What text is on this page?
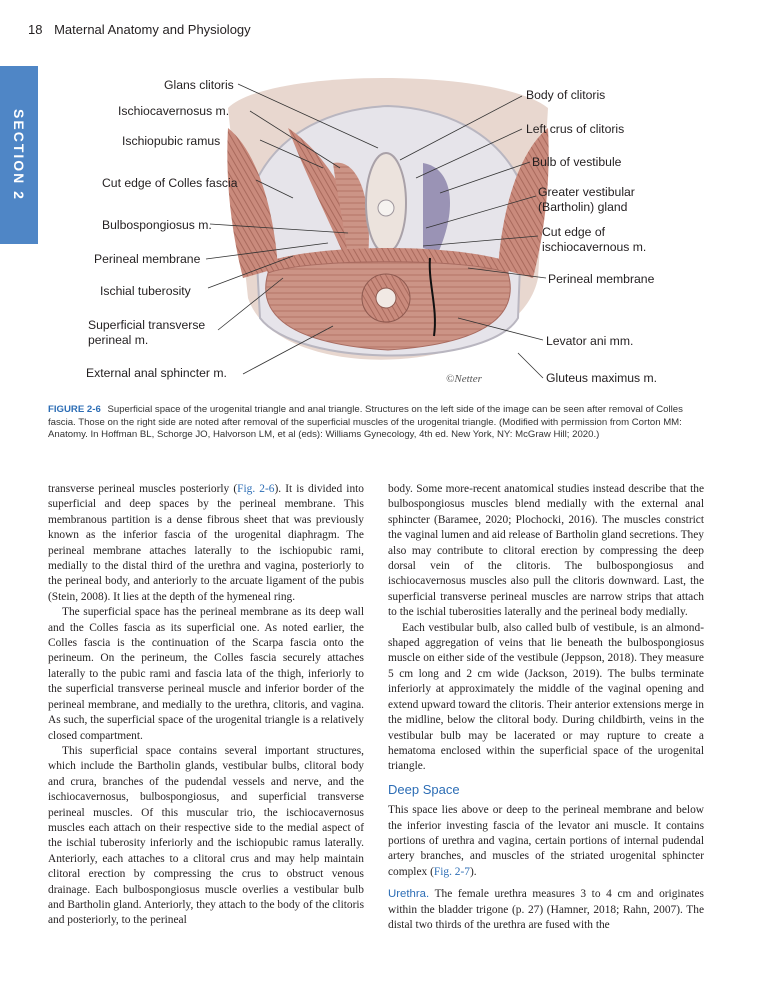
18 Maternal Anatomy and Physiology
SECTION 2
©Netter
Glans clitoris
Ischiocavernosus m.
Ischiopubic ramus
Cut edge of Colles fascia
Bulbospongiosus m.
Perineal membrane
Ischial tuberosity
Superficial transverse
perineal m.
External anal sphincter m.
Body of clitoris
Left crus of clitoris
Bulb of vestibule
Greater vestibular
(Bartholin) gland
Cut edge of
ischiocavernous m.
Perineal membrane
Levator ani mm.
Gluteus maximus m.
FIGURE 2-6 Superficial space of the urogenital triangle and anal triangle. Structures on the left side of the image can be seen after removal of Colles fascia. Those on the right side are noted after removal of the superficial muscles of the urogenital triangle. (Modified with permission from Corton MM: Anatomy. In Hoffman BL, Schorge JO, Halvorson LM, et al (eds): Williams Gynecology, 4th ed. New York, NY: McGraw Hill; 2020.)

transverse perineal muscles posteriorly (Fig. 2-6). It is divided into superficial and deep spaces by the perineal membrane. This membranous partition is a dense fibrous sheet that was previously known as the inferior fascia of the urogenital diaphragm. The perineal membrane attaches laterally to the ischiopubic rami, medially to the distal third of the urethra and vagina, posteriorly to the perineal body, and anteriorly to the arcuate ligament of the pubis (Stein, 2008). It lies at the depth of the hymeneal ring.

The superficial space has the perineal membrane as its deep wall and the Colles fascia as its superficial one. As noted earlier, the Colles fascia is the continuation of the Scarpa fascia onto the perineum. On the perineum, the Colles fascia securely attaches laterally to the pubic rami and fascia lata of the thigh, inferiorly to the superficial transverse perineal muscle and inferior border of the perineal membrane, and medially to the urethra, clitoris, and vagina. As such, the superficial space of the urogenital triangle is a relatively closed compartment.

This superficial space contains several important structures, which include the Bartholin glands, vestibular bulbs, clitoral body and crura, branches of the pudendal vessels and nerve, and the ischiocavernosus, bulbospongiosus, and superficial transverse perineal muscles. Of this muscular trio, the ischiocavernosus muscles each attach on their respective side to the medial aspect of the ischial tuberosity inferiorly and the ischiopubic ramus laterally. Anteriorly, each attaches to a clitoral crus and may help maintain clitoral erection by compressing the crus to obstruct venous drainage. Each bulbospongiosus muscle overlies a vestibular bulb and Bartholin gland. Anteriorly, they attach to the body of the clitoris and posteriorly, to the perineal

body. Some more-recent anatomical studies instead describe that the bulbospongiosus muscles blend medially with the external anal sphincter (Baramee, 2020; Plochocki, 2016). The muscles constrict the vaginal lumen and aid release of Bartholin gland secretions. They also may contribute to clitoral erection by compressing the deep dorsal vein of the clitoris. The bulbospongiosus and ischiocavernosus muscles also pull the clitoris downward. Last, the superficial transverse perineal muscles are narrow strips that attach to the ischial tuberosities laterally and the perineal body medially.

Each vestibular bulb, also called bulb of vestibule, is an almond-shaped aggregation of veins that lie beneath the bulbospongiosus muscle on either side of the vestibule (Jeppson, 2018). They measure 5 cm long and 2 cm wide (Jackson, 2019). The bulbs terminate inferiorly at approximately the middle of the vaginal opening and extend upward toward the clitoris. Their anterior extensions merge in the midline, below the clitoral body. During childbirth, veins in the vestibular bulb may be lacerated or may rupture to create a hematoma enclosed within the superficial space of the urogenital triangle.

Deep Space

This space lies above or deep to the perineal membrane and below the inferior investing fascia of the levator ani muscle. It contains portions of urethra and vagina, certain portions of internal pudendal artery branches, and muscles of the striated urogenital sphincter complex (Fig. 2-7).

Urethra. The female urethra measures 3 to 4 cm and originates within the bladder trigone (p. 27) (Hamner, 2018; Rahn, 2007). The distal two thirds of the urethra are fused with the
